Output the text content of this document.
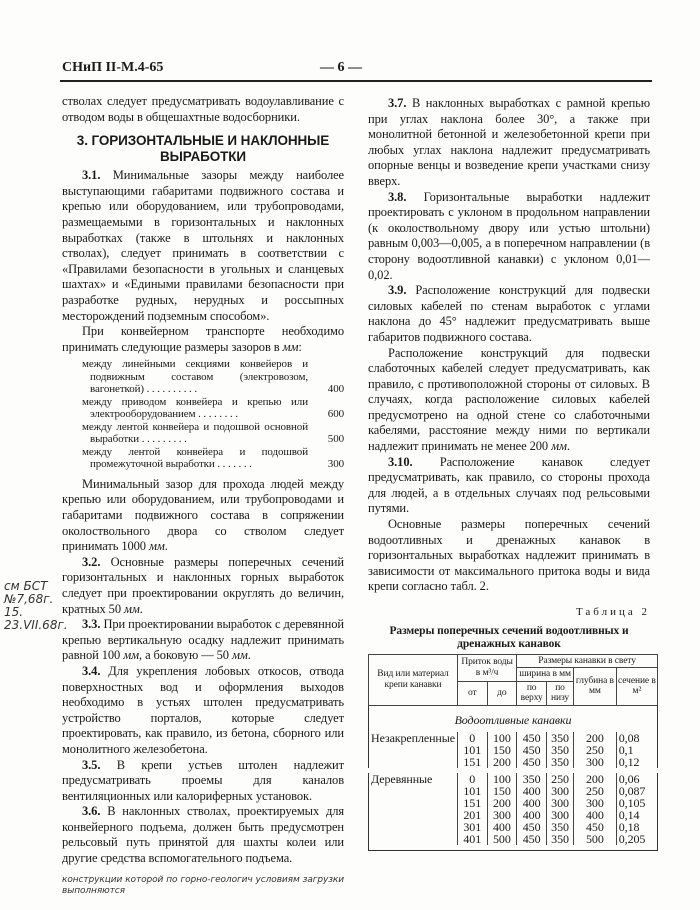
СНиП II-М.4-65	— 6 —

стволах следует предусматривать водоулавливание с отводом воды в общешахтные водосборники.

3. ГОРИЗОНТАЛЬНЫЕ И НАКЛОННЫЕ ВЫРАБОТКИ

3.1. Минимальные зазоры между наиболее выступающими габаритами подвижного состава и крепью или оборудованием, или трубопроводами, размещаемыми в горизонтальных и наклонных выработках (также в штольнях и наклонных стволах), следует принимать в соответствии с «Правилами безопасности в угольных и сланцевых шахтах» и «Едиными правилами безопасности при разработке рудных, нерудных и россыпных месторождений подземным способом».

При конвейерном транспорте необходимо принимать следующие размеры зазоров в мм:

между линейными секциями конвейеров и подвижным составом (электровозом, вагонеткой) . . . . . . . . . .	400
между приводом конвейера и крепью или электрооборудованием . . . . . . . .	600
между лентой конвейера и подошвой основной выработки . . . . . . . . .	500
между лентой конвейера и подошвой промежуточной выработки . . . . . . .	300

Минимальный зазор для прохода людей между крепью или оборудованием, или трубопроводами и габаритами подвижного состава в сопряжении околоствольного двора со стволом следует принимать 1000 мм.

3.2. Основные размеры поперечных сечений горизонтальных и наклонных горных выработок следует при проектировании округлять до величин, кратных 50 мм.

3.3. При проектировании выработок с деревянной крепью вертикальную осадку надлежит принимать равной 100 мм, а боковую — 50 мм.

3.4. Для укрепления лобовых откосов, отвода поверхностных вод и оформления выходов необходимо в устьях штолен предусматривать устройство порталов, которые следует проектировать, как правило, из бетона, сборного или монолитного железобетона.

3.5. В крепи устьев штолен надлежит предусматривать проемы для каналов вентиляционных или калориферных установок.

3.6. В наклонных стволах, проектируемых для конвейерного подъема, должен быть предусмотрен рельсовый путь принятой для шахты колеи или другие средства вспомогательного подъема.

конструкции которой по горно-геологич условиям загрузки выполняются

3.7. В наклонных выработках с рамной крепью при углах наклона более 30°, а также при монолитной бетонной и железобетонной крепи при любых углах наклона надлежит предусматривать опорные венцы и возведение крепи участками снизу вверх.

3.8. Горизонтальные выработки надлежит проектировать с уклоном в продольном направлении (к околоствольному двору или устью штольни) равным 0,003—0,005, а в поперечном направлении (в сторону водоотливной канавки) с уклоном 0,01—0,02.

3.9. Расположение конструкций для подвески силовых кабелей по стенам выработок с углами наклона до 45° надлежит предусматривать выше габаритов подвижного состава.

Расположение конструкций для подвески слаботочных кабелей следует предусматривать, как правило, с противоположной стороны от силовых. В случаях, когда расположение силовых кабелей предусмотрено на одной стене со слаботочными кабелями, расстояние между ними по вертикали надлежит принимать не менее 200 мм.

3.10. Расположение канавок следует предусматривать, как правило, со стороны прохода для людей, а в отдельных случаях под рельсовыми путями.

Основные размеры поперечных сечений водоотливных и дренажных канавок в горизонтальных выработках надлежит принимать в зависимости от максимального притока воды и вида крепи согласно табл. 2.

Таблица 2
Размеры поперечных сечений водоотливных и дренажных канавок
Вид или материал крепи канавки	Приток воды в м³/ч		Размеры канавки в свету			
			ширина в мм		глубина в мм	сечение в м²
	от	до	по верху	по низу		
Водоотливные канавки						
Незакрепленные	0	100	450	350	200	0,08
	101	150	450	350	250	0,1
	151	200	450	350	300	0,12
Деревянные	0	100	350	250	200	0,06
	101	150	400	300	250	0,087
	151	200	400	300	300	0,105
	201	300	400	300	400	0,14
	301	400	450	350	450	0,18
	401	500	450	350	500	0,205

см БСТ №7,68г. 15. 23.VII.68г.
